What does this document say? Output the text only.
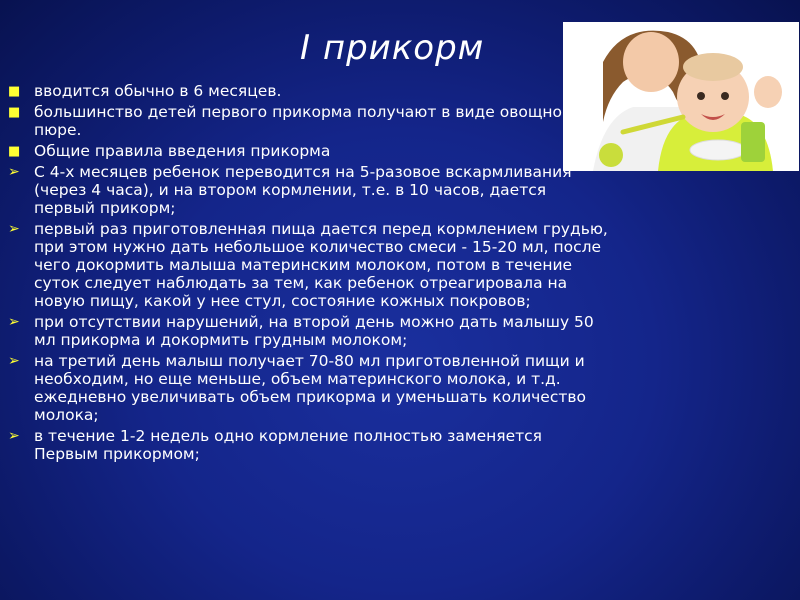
I прикорм
■ вводится обычно в 6 месяцев.
■ большинство детей первого прикорма получают в виде овощного пюре.
■ Общие правила введения прикорма
➢ С 4-х месяцев ребенок переводится на 5-разовое вскармливания (через 4 часа), и на втором кормлении, т.е. в 10 часов, дается первый прикорм;
➢ первый раз приготовленная пища дается перед кормлением грудью, при этом нужно дать небольшое количество смеси - 15-20 мл, после чего докормить малыша материнским молоком, потом в течение суток следует наблюдать за тем, как ребенок отреагировала на новую пищу, какой у нее стул, состояние кожных покровов;
➢ при отсутствии нарушений, на второй день можно дать малышу 50 мл прикорма и докормить грудным молоком;
➢ на третий день малыш получает 70-80 мл приготовленной пищи и необходим, но еще меньше, объем материнского молока, и т.д. ежедневно увеличивать объем прикорма и уменьшать количество молока;
➢ в течение 1-2 недель одно кормление полностью заменяется Первым прикормом;
